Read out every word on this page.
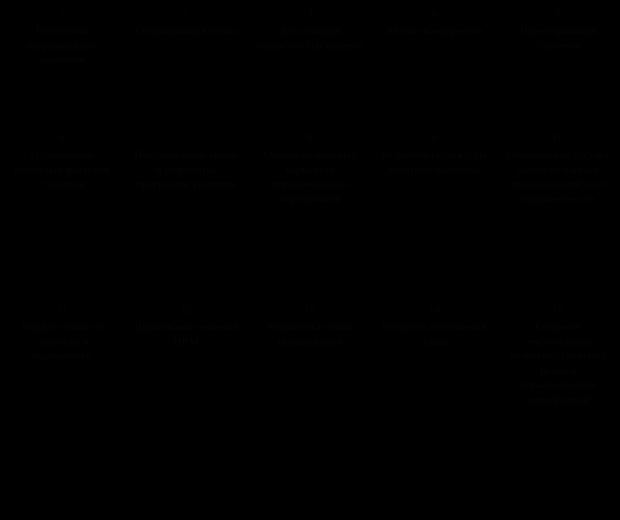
1
Источники информации о заказчике
2
Спецификация плана
3
Детализация потребностей клиента
4
Анализ конкурентов
5
Идентификация стратегий
6
Определение ключевых факторов стратегии
7
Постановление целей и разработка программы развития
8
Оценка возможных вариантов управленческих мероприятий
9
Разработка структуры действий заказчика
10
Определение состава задействованных подразделений и их подчиненности
11
Бюджет плана по проектам в отдельности
12
Правильные решения HRM
13
Разработка плана продвижения
14
Контроль исполнения плана
15
Создание рекомендаций развития структуры целей и управленческих мероприятий
